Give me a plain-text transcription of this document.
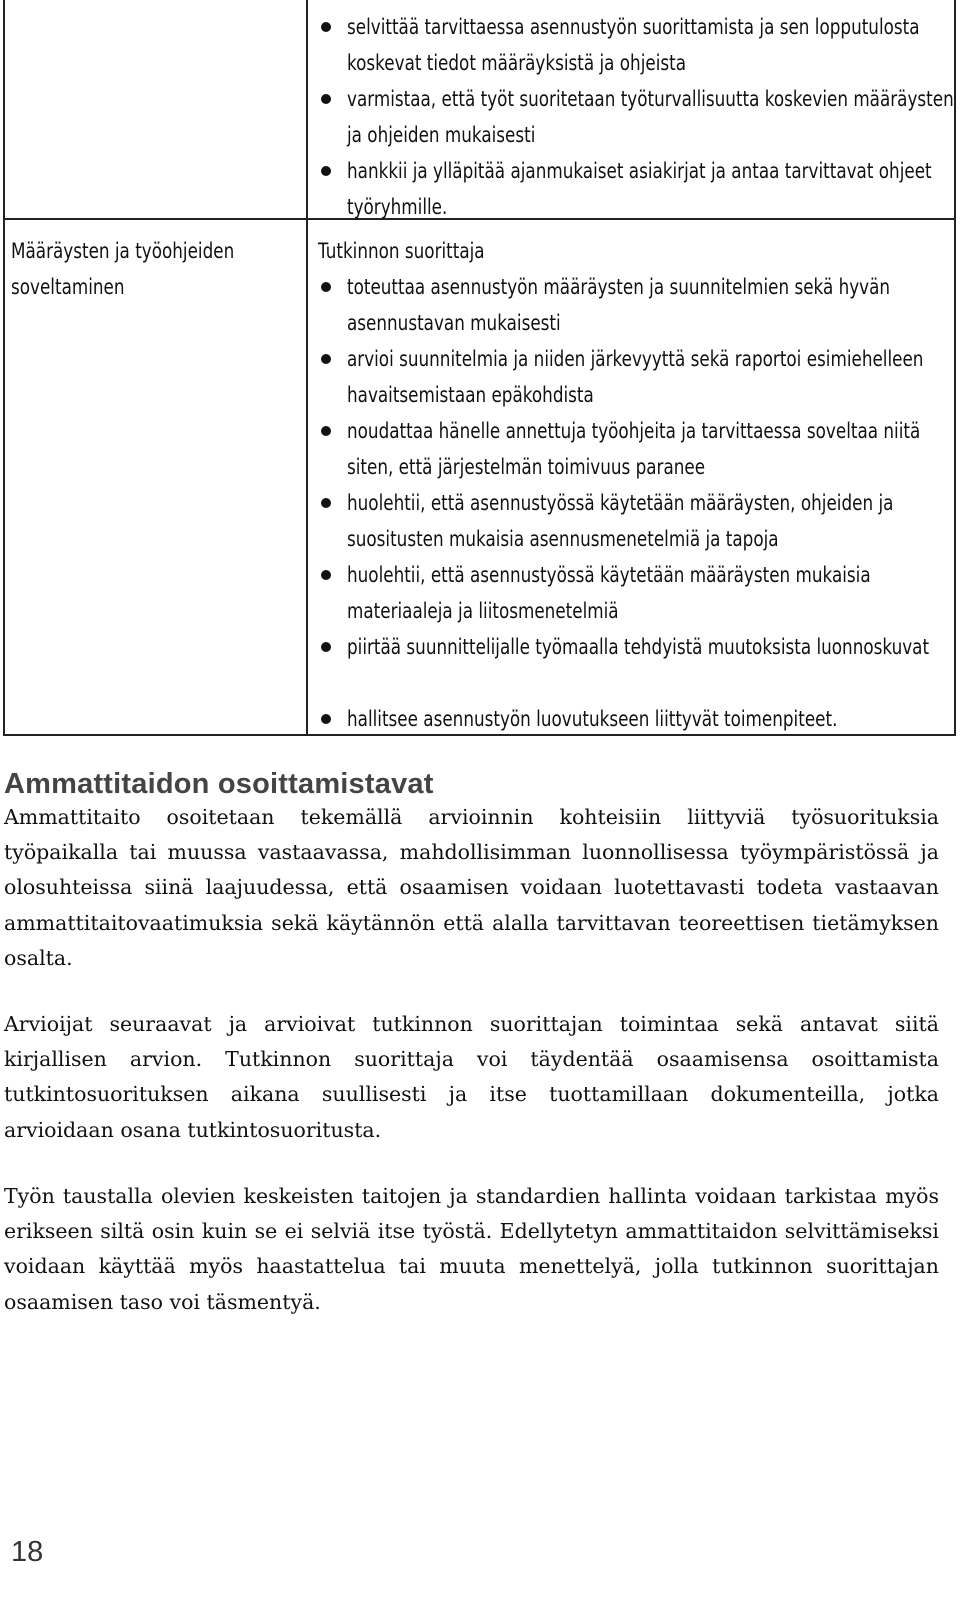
selvittää tarvittaessa asennustyön suorittamista ja sen lopputulosta koskevat tiedot määräyksistä ja ohjeista
varmistaa, että työt suoritetaan työturvallisuutta koskevien määräysten ja ohjeiden mukaisesti
hankkii ja ylläpitää ajanmukaiset asiakirjat ja antaa tarvittavat ohjeet työryhmille.
Määräysten ja työohjeiden soveltaminen
Tutkinnon suorittaja
toteuttaa asennustyön määräysten ja suunnitelmien sekä hyvän asennustavan mukaisesti
arvioi suunnitelmia ja niiden järkevyyttä sekä raportoi esimiehelleen havaitsemistaan epäkohdista
noudattaa hänelle annettuja työohjeita ja tarvittaessa soveltaa niitä siten, että järjestelmän toimivuus paranee
huolehtii, että asennustyössä käytetään määräysten, ohjeiden ja suositusten mukaisia asennusmenetelmiä ja tapoja
huolehtii, että asennustyössä käytetään määräysten mukaisia materiaaleja ja liitosmenetelmiä
piirtää suunnittelijalle työmaalla tehdyistä muutoksista luonnoskuvat
hallitsee asennustyön luovutukseen liittyvät toimenpiteet.
Ammattitaidon osoittamistavat

Ammattitaito osoitetaan tekemällä arvioinnin kohteisiin liittyviä työsuorituksia työpaikalla tai muussa vastaavassa, mahdollisimman luonnollisessa työympäristössä ja olosuhteissa siinä laajuudessa, että osaamisen voidaan luotettavasti todeta vastaavan ammattitaitovaatimuksia sekä käytännön että alalla tarvittavan teoreettisen tietämyksen osalta.

Arvioijat seuraavat ja arvioivat tutkinnon suorittajan toimintaa sekä antavat siitä kirjallisen arvion. Tutkinnon suorittaja voi täydentää osaamisensa osoittamista tutkintosuorituksen aikana suullisesti ja itse tuottamillaan dokumenteilla, jotka arvioidaan osana tutkintosuoritusta.

Työn taustalla olevien keskeisten taitojen ja standardien hallinta voidaan tarkistaa myös erikseen siltä osin kuin se ei selviä itse työstä. Edellytetyn ammattitaidon selvittämiseksi voidaan käyttää myös haastattelua tai muuta menettelyä, jolla tutkinnon suorittajan osaamisen taso voi täsmentyä.

18
